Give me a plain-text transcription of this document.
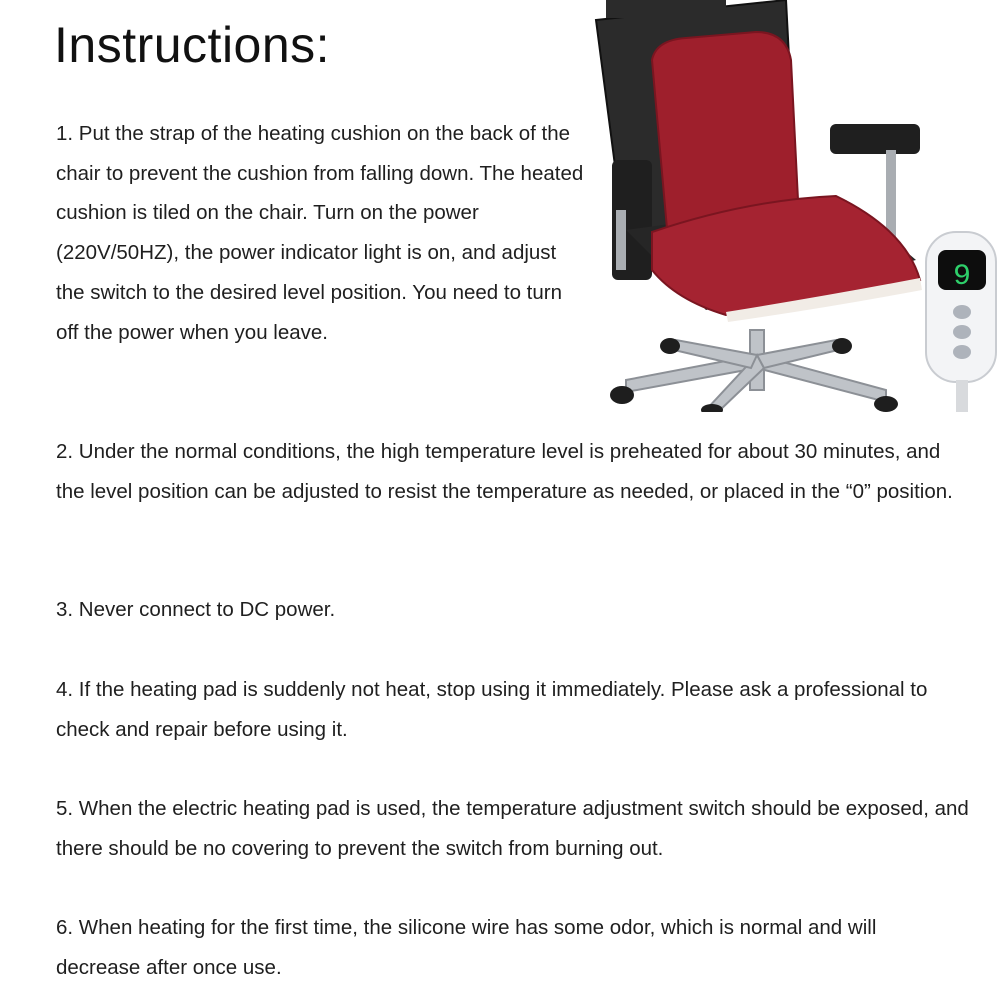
Instructions:

1. Put the strap of the heating cushion on the back of the chair to prevent the cushion from falling down. The heated cushion is tiled on the chair. Turn on the power (220V/50HZ), the power indicator light is on, and adjust the switch to the desired level position. You need to turn off the power when you leave.

2. Under the normal conditions, the high temperature level is preheated for about 30 minutes, and the level position can be adjusted to resist the temperature as needed, or placed in the “0” position.

3. Never connect to DC power.

4. If the heating pad is suddenly not heat, stop using it immediately. Please ask a professional to check and repair before using it.

5. When the electric heating pad is used, the temperature adjustment switch should be exposed, and there should be no covering to prevent the switch from burning out.

6. When heating for the first time, the silicone wire has some odor, which is normal and will decrease after once use.

9
